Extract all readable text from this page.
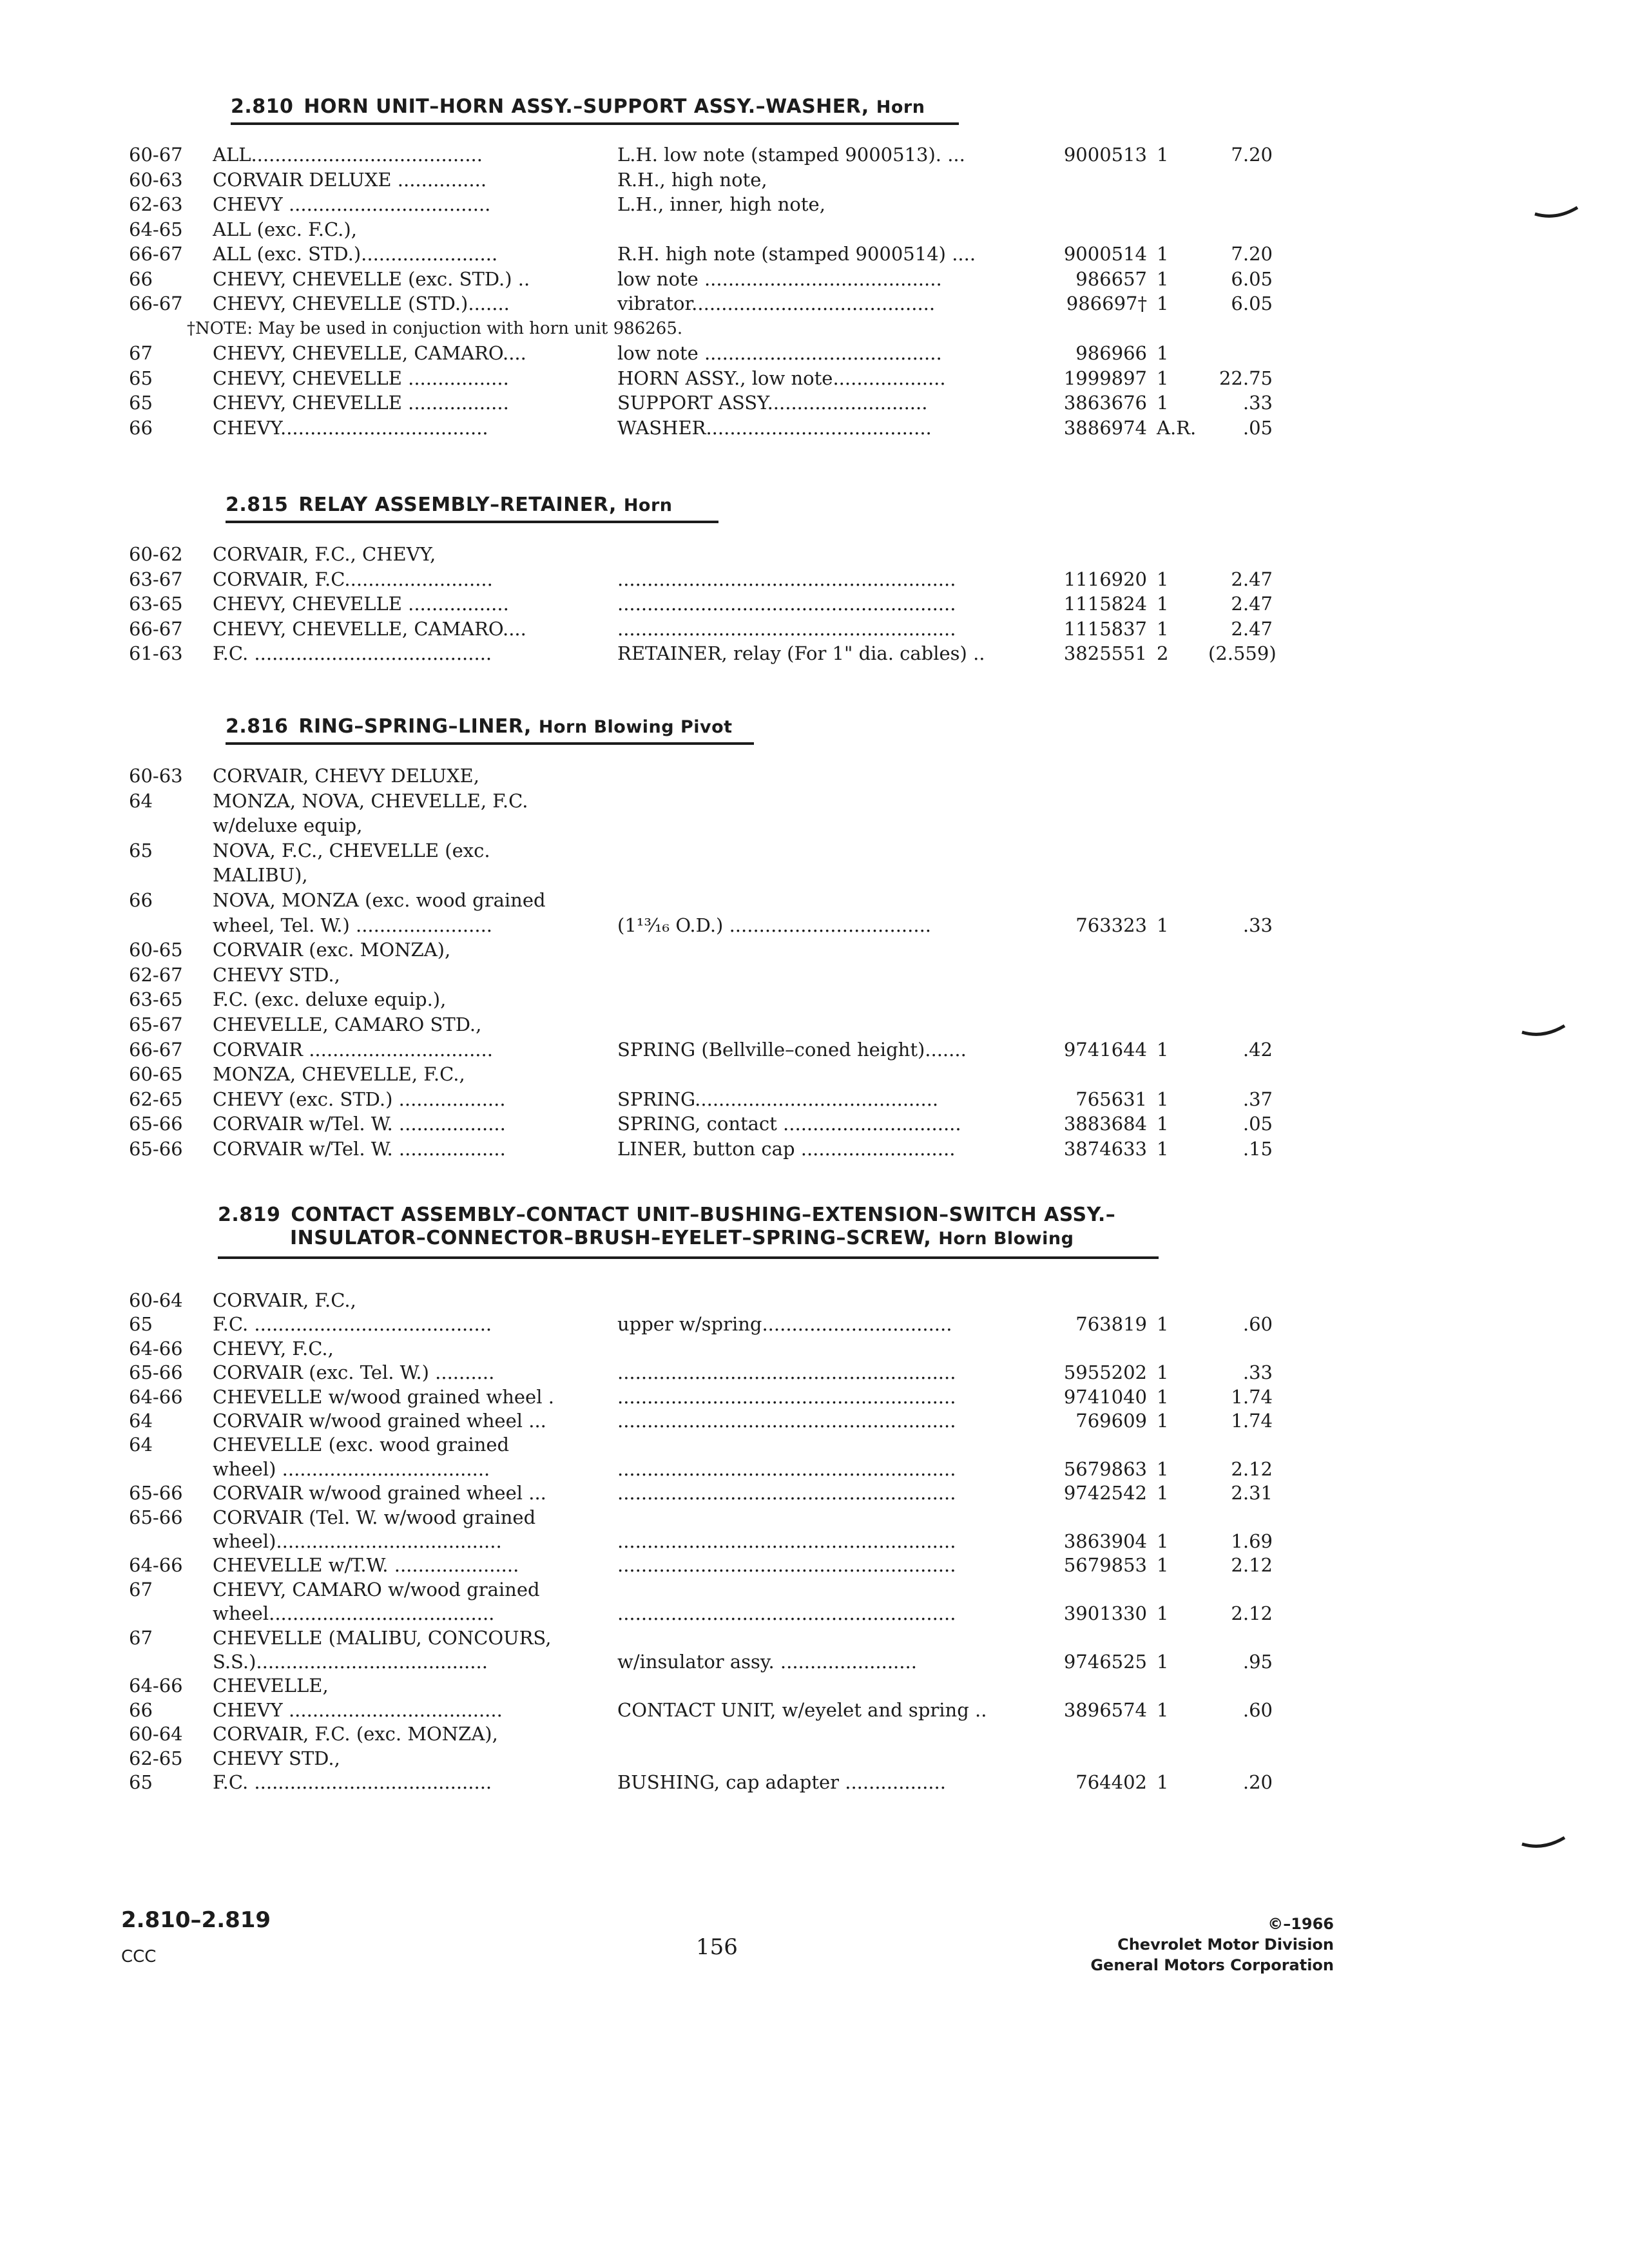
2.810 HORN UNIT–HORN ASSY.–SUPPORT ASSY.–WASHER, Horn
60-67 ALL.......................................	L.H. low note (stamped 9000513). ...	9000513 1	7.20
60-63 CORVAIR DELUXE ...............	R.H., high note,
62-63 CHEVY ..................................	L.H., inner, high note,
64-65 ALL (exc. F.C.),
66-67 ALL (exc. STD.).......................	R.H. high note (stamped 9000514) ....	9000514 1	7.20
66	CHEVY, CHEVELLE (exc. STD.) ..	low note ........................................	986657 1	6.05
66-67 CHEVY, CHEVELLE (STD.).......	vibrator.........................................	986697† 1	6.05
†NOTE: May be used in conjuction with horn unit 986265.
67	CHEVY, CHEVELLE, CAMARO....	low note ........................................	986966 1
65	CHEVY, CHEVELLE .................	HORN ASSY., low note...................	1999897 1	22.75
65	CHEVY, CHEVELLE .................	SUPPORT ASSY...........................	3863676 1	.33
66	CHEVY...................................	WASHER......................................	3886974 A.R.	.05
2.815 RELAY ASSEMBLY–RETAINER, Horn
60-62 CORVAIR, F.C., CHEVY,
63-67 CORVAIR, F.C.........................	.........................................................	1116920 1	2.47
63-65 CHEVY, CHEVELLE .................	.........................................................	1115824 1	2.47
66-67 CHEVY, CHEVELLE, CAMARO....	.........................................................	1115837 1	2.47
61-63 F.C. ........................................	RETAINER, relay (For 1" dia. cables) ..	3825551 2	(2.559)
2.816 RING–SPRING–LINER, Horn Blowing Pivot
60-63 CORVAIR, CHEVY DELUXE,
64	MONZA, NOVA, CHEVELLE, F.C.
w/deluxe equip,
65	NOVA, F.C., CHEVELLE (exc.
MALIBU),
66	NOVA, MONZA (exc. wood grained
wheel, Tel. W.) .......................	(1¹³⁄₁₆ O.D.) ..................................	763323 1	.33
60-65 CORVAIR (exc. MONZA),
62-67 CHEVY STD.,
63-65 F.C. (exc. deluxe equip.),
65-67 CHEVELLE, CAMARO STD.,
66-67 CORVAIR ...............................	SPRING (Bellville–coned height).......	9741644 1	.42
60-65 MONZA, CHEVELLE, F.C.,
62-65 CHEVY (exc. STD.) ..................	SPRING.........................................	765631 1	.37
65-66 CORVAIR w/Tel. W. ..................	SPRING, contact ..............................	3883684 1	.05
65-66 CORVAIR w/Tel. W. ..................	LINER, button cap ..........................	3874633 1	.15
2.819 CONTACT ASSEMBLY–CONTACT UNIT–BUSHING–EXTENSION–SWITCH ASSY.–
INSULATOR–CONNECTOR–BRUSH–EYELET–SPRING–SCREW, Horn Blowing
60-64 CORVAIR, F.C.,
65	F.C. ........................................	upper w/spring................................	763819 1	.60
64-66 CHEVY, F.C.,
65-66 CORVAIR (exc. Tel. W.) ..........	.........................................................	5955202 1	.33
64-66 CHEVELLE w/wood grained wheel .	.........................................................	9741040 1	1.74
64	CORVAIR w/wood grained wheel ...	.........................................................	769609 1	1.74
64	CHEVELLE (exc. wood grained
wheel) ...................................	.........................................................	5679863 1	2.12
65-66 CORVAIR w/wood grained wheel ...	.........................................................	9742542 1	2.31
65-66 CORVAIR (Tel. W. w/wood grained
wheel)......................................	.........................................................	3863904 1	1.69
64-66 CHEVELLE w/T.W. .....................	.........................................................	5679853 1	2.12
67	CHEVY, CAMARO w/wood grained
wheel......................................	.........................................................	3901330 1	2.12
67	CHEVELLE (MALIBU, CONCOURS,
S.S.).......................................	w/insulator assy. .......................	9746525 1	.95
64-66 CHEVELLE,
66	CHEVY ....................................	CONTACT UNIT, w/eyelet and spring ..	3896574 1	.60
60-64 CORVAIR, F.C. (exc. MONZA),
62-65 CHEVY STD.,
65	F.C. ........................................	BUSHING, cap adapter .................	764402 1	.20
2.810–2.819
CCC	156
©–1966
Chevrolet Motor Division
General Motors Corporation
